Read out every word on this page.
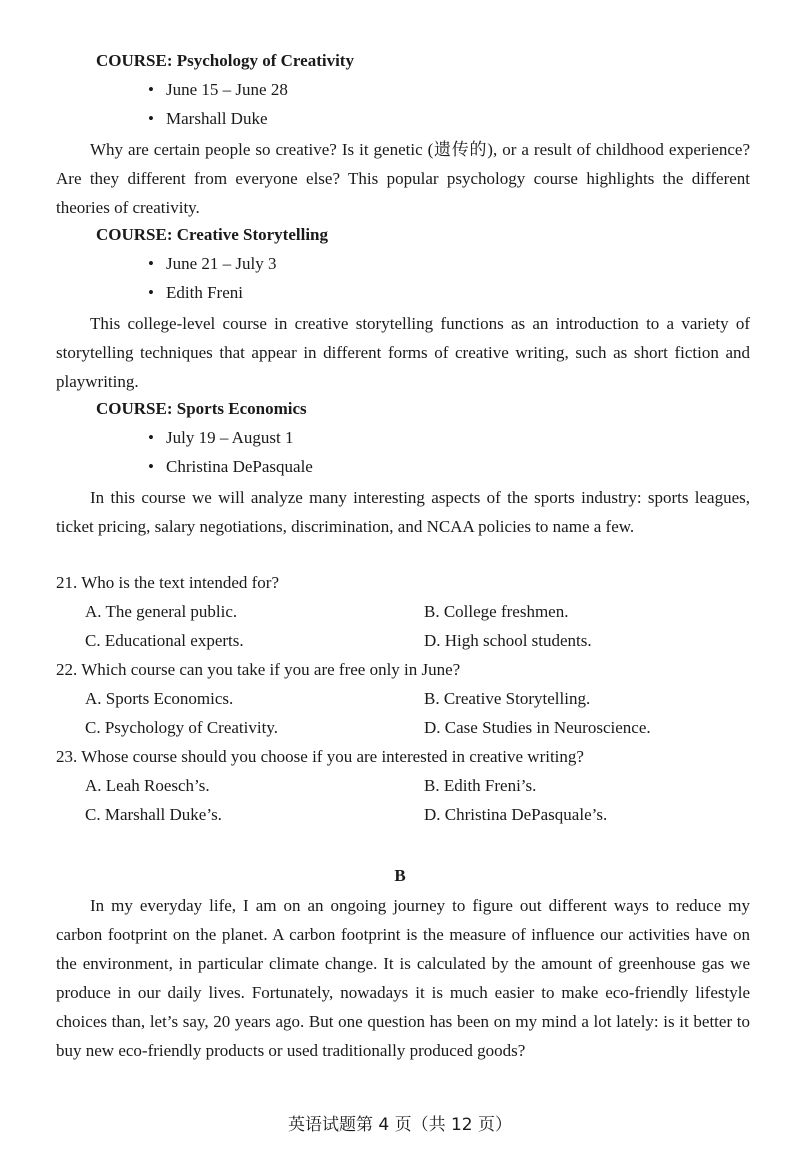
COURSE: Psychology of Creativity
• June 15 – June 28
• Marshall Duke
Why are certain people so creative? Is it genetic (遗传的), or a result of childhood experience? Are they different from everyone else? This popular psychology course highlights the different theories of creativity.
COURSE: Creative Storytelling
• June 21 – July 3
• Edith Freni
This college-level course in creative storytelling functions as an introduction to a variety of storytelling techniques that appear in different forms of creative writing, such as short fiction and playwriting.
COURSE: Sports Economics
• July 19 – August 1
• Christina DePasquale
In this course we will analyze many interesting aspects of the sports industry: sports leagues, ticket pricing, salary negotiations, discrimination, and NCAA policies to name a few.
21. Who is the text intended for?
A. The general public.	B. College freshmen.
C. Educational experts.	D. High school students.
22. Which course can you take if you are free only in June?
A. Sports Economics.	B. Creative Storytelling.
C. Psychology of Creativity.	D. Case Studies in Neuroscience.
23. Whose course should you choose if you are interested in creative writing?
A. Leah Roesch’s.	B. Edith Freni’s.
C. Marshall Duke’s.	D. Christina DePasquale’s.
B
In my everyday life, I am on an ongoing journey to figure out different ways to reduce my carbon footprint on the planet. A carbon footprint is the measure of influence our activities have on the environment, in particular climate change. It is calculated by the amount of greenhouse gas we produce in our daily lives. Fortunately, nowadays it is much easier to make eco-friendly lifestyle choices than, let’s say, 20 years ago. But one question has been on my mind a lot lately: is it better to buy new eco-friendly products or used traditionally produced goods?
英语试题第 4 页（共 12 页）
